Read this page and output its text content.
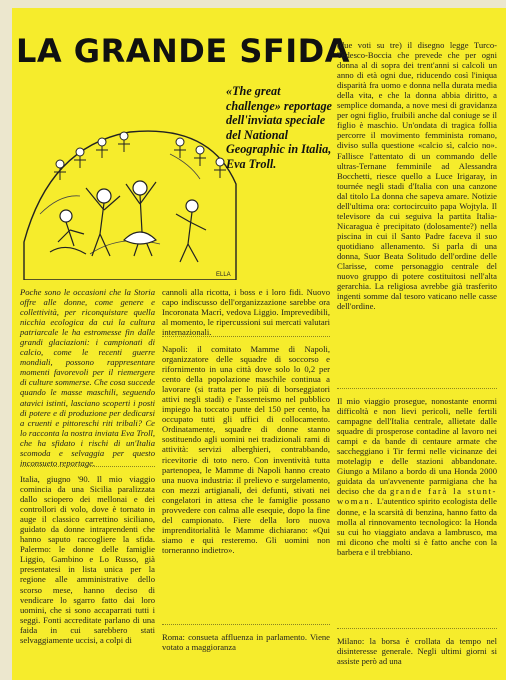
LA GRANDE SFIDA
ELLA
«The great challenge» reportage dell'inviata speciale del National Geographic in Italia, Eva Troll.
Poche sono le occasioni che la Storia offre alle donne, come genere e collettività, per riconquistare quella nicchia ecologica da cui la cultura patriarcale le ha estromesse fin dalle grandi glaciazioni: i campionati di calcio, come le recenti guerre mondiali, possono rappresentare momenti favorevoli per il riemergere di culture sommerse. Che cosa succede quando le masse maschili, seguendo atavici istinti, lasciano scoperti i posti di potere e di produzione per dedicarsi a cruenti e pittoreschi riti tribali? Ce lo racconta la nostra inviata Eva Troll, che ha sfidato i rischi di un'Italia scomoda e selvaggia per questo inconsueto reportage.
Italia, giugno '90. Il mio viaggio comincia da una Sicilia paralizzata dallo sciopero dei mellonai e dei controllori di volo, dove è tornato in auge il classico carrettino siciliano, guidato da donne intraprendenti che hanno saputo raccogliere la sfida. Palermo: le donne delle famiglie Liggio, Gambino e Lo Russo, già presentatesi in lista unica per la regione alle amministrative dello scorso mese, hanno deciso di vendicare lo sgarro fatto dai loro uomini, che si sono accaparrati tutti i seggi. Fonti accreditate parlano di una faida in cui sarebbero stati selvaggiamente uccisi, a colpi di
cannoli alla ricotta, i boss e i loro fidi. Nuovo capo indiscusso dell'organizzazione sarebbe ora Incoronata Macrì, vedova Liggio. Imprevedibili, al momento, le ripercussioni sui mercati valutari internazionali.
Napoli: il comitato Mamme di Napoli, organizzatore delle squadre di soccorso e rifornimento in una città dove solo lo 0,2 per cento della popolazione maschile continua a lavorare (si tratta per lo più di borseggiatori attivi negli stadi) e l'assenteismo nel pubblico impiego ha toccato punte del 150 per cento, ha occupato tutti gli uffici di collocamento. Ordinatamente, squadre di donne stanno sostituendo agli uomini nei tradizionali rami di attività: servizi alberghieri, contrabbando, ricevitorie di toto nero. Con inventività tutta partenopea, le Mamme di Napoli hanno creato una nuova industria: il prelievo e surgelamento, con mezzi artigianali, dei defunti, stivati nei congelatori in attesa che le famiglie possano provvedere con calma alle esequie, dopo la fine del campionato. Fiere della loro nuova imprenditorialità le Mamme dichiarano: «Qui siamo e qui resteremo. Gli uomini non torneranno indietro».
Roma: consueta affluenza in parlamento. Viene votato a maggioranza
(due voti su tre) il disegno legge Turco-Tedesco-Boccia che prevede che per ogni donna al di sopra dei trent'anni si calcoli un anno di età ogni due, riducendo così l'iniqua disparità fra uomo e donna nella durata media della vita, e che la donna abbia diritto, a semplice domanda, a nove mesi di gravidanza per ogni figlio, fruibili anche dal coniuge se il figlio è maschio. Un'ondata di tragica follia percorre il movimento femminista romano, diviso sulla questione «calcio sì, calcio no». Fallisce l'attentato di un commando delle ultras-Ternane femminile ad Alessandra Bocchetti, riesce quello a Luce Irigaray, in tournée negli stadi d'Italia con una canzone dal titolo La donna che sapeva amare. Notizie dell'ultima ora: cortocircuito papa Wojtyla. Il televisore da cui seguiva la partita Italia-Nicaragua è precipitato (dolosamente?) nella piscina in cui il Santo Padre faceva il suo quotidiano allenamento. Si parla di una donna, Suor Beata Solitudo dell'ordine delle Clarisse, come personaggio centrale del nuovo gruppo di potere costituitosi nell'alta gerarchia. La religiosa avrebbe già trasferito ingenti somme dal tesoro vaticano nelle casse dell'ordine.
Il mio viaggio prosegue, nonostante enormi difficoltà e non lievi pericoli, nelle fertili campagne dell'Italia centrale, allietate dalle squadre di prosperose contadine al lavoro nei campi e da bande di centaure armate che saccheggiano i Tir fermi nelle vicinanze dei motelagip e delle stazioni abbandonate. Giungo a Milano a bordo di una Honda 2000 guidata da un'avvenente parmigiana che ha deciso che da grande farà la stunt-woman. L'autentico spirito ecologista delle donne, e la scarsità di benzina, hanno fatto da molla al rinnovamento tecnologico: la Honda su cui ho viaggiato andava a lambrusco, ma mi dicono che molti si è fatto anche con la barbera e il trebbiano.
Milano: la borsa è crollata da tempo nel disinteresse generale. Negli ultimi giorni si assiste però ad una
